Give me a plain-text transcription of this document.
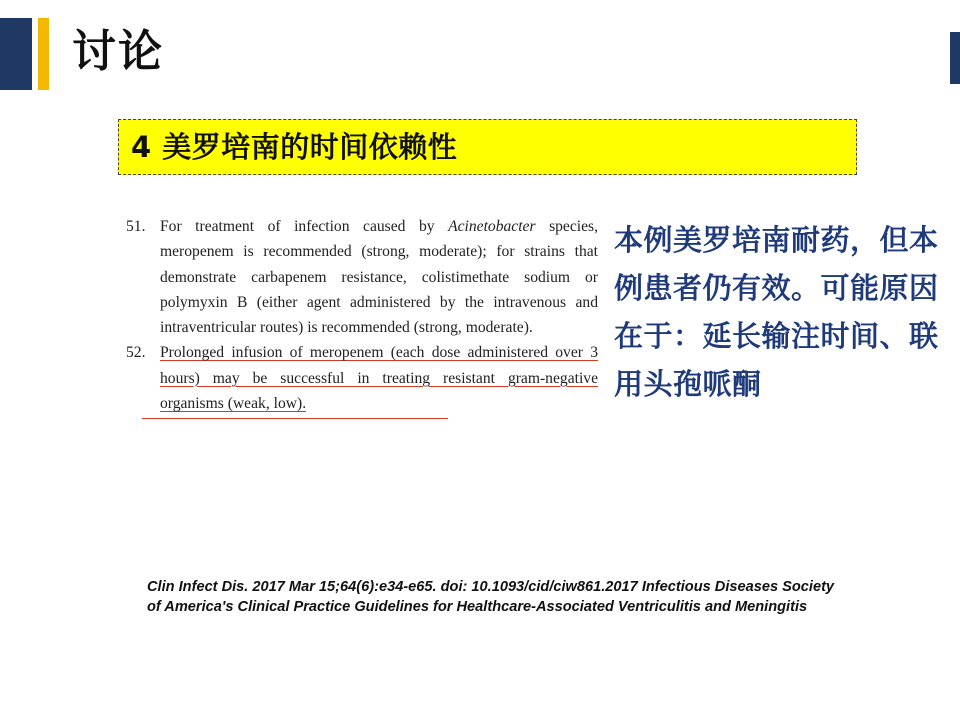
讨论
4 美罗培南的时间依赖性
51. For treatment of infection caused by Acinetobacter species, meropenem is recommended (strong, moderate); for strains that demonstrate carbapenem resistance, colistimethate sodium or polymyxin B (either agent administered by the intravenous and intraventricular routes) is recommended (strong, moderate).
52. Prolonged infusion of meropenem (each dose administered over 3 hours) may be successful in treating resistant gram-negative organisms (weak, low).
本例美罗培南耐药，但本例患者仍有效。可能原因在于：延长输注时间、联用头孢哌酮
Clin Infect Dis. 2017 Mar 15;64(6):e34-e65. doi: 10.1093/cid/ciw861.2017 Infectious Diseases Society of America's Clinical Practice Guidelines for Healthcare-Associated Ventriculitis and Meningitis
